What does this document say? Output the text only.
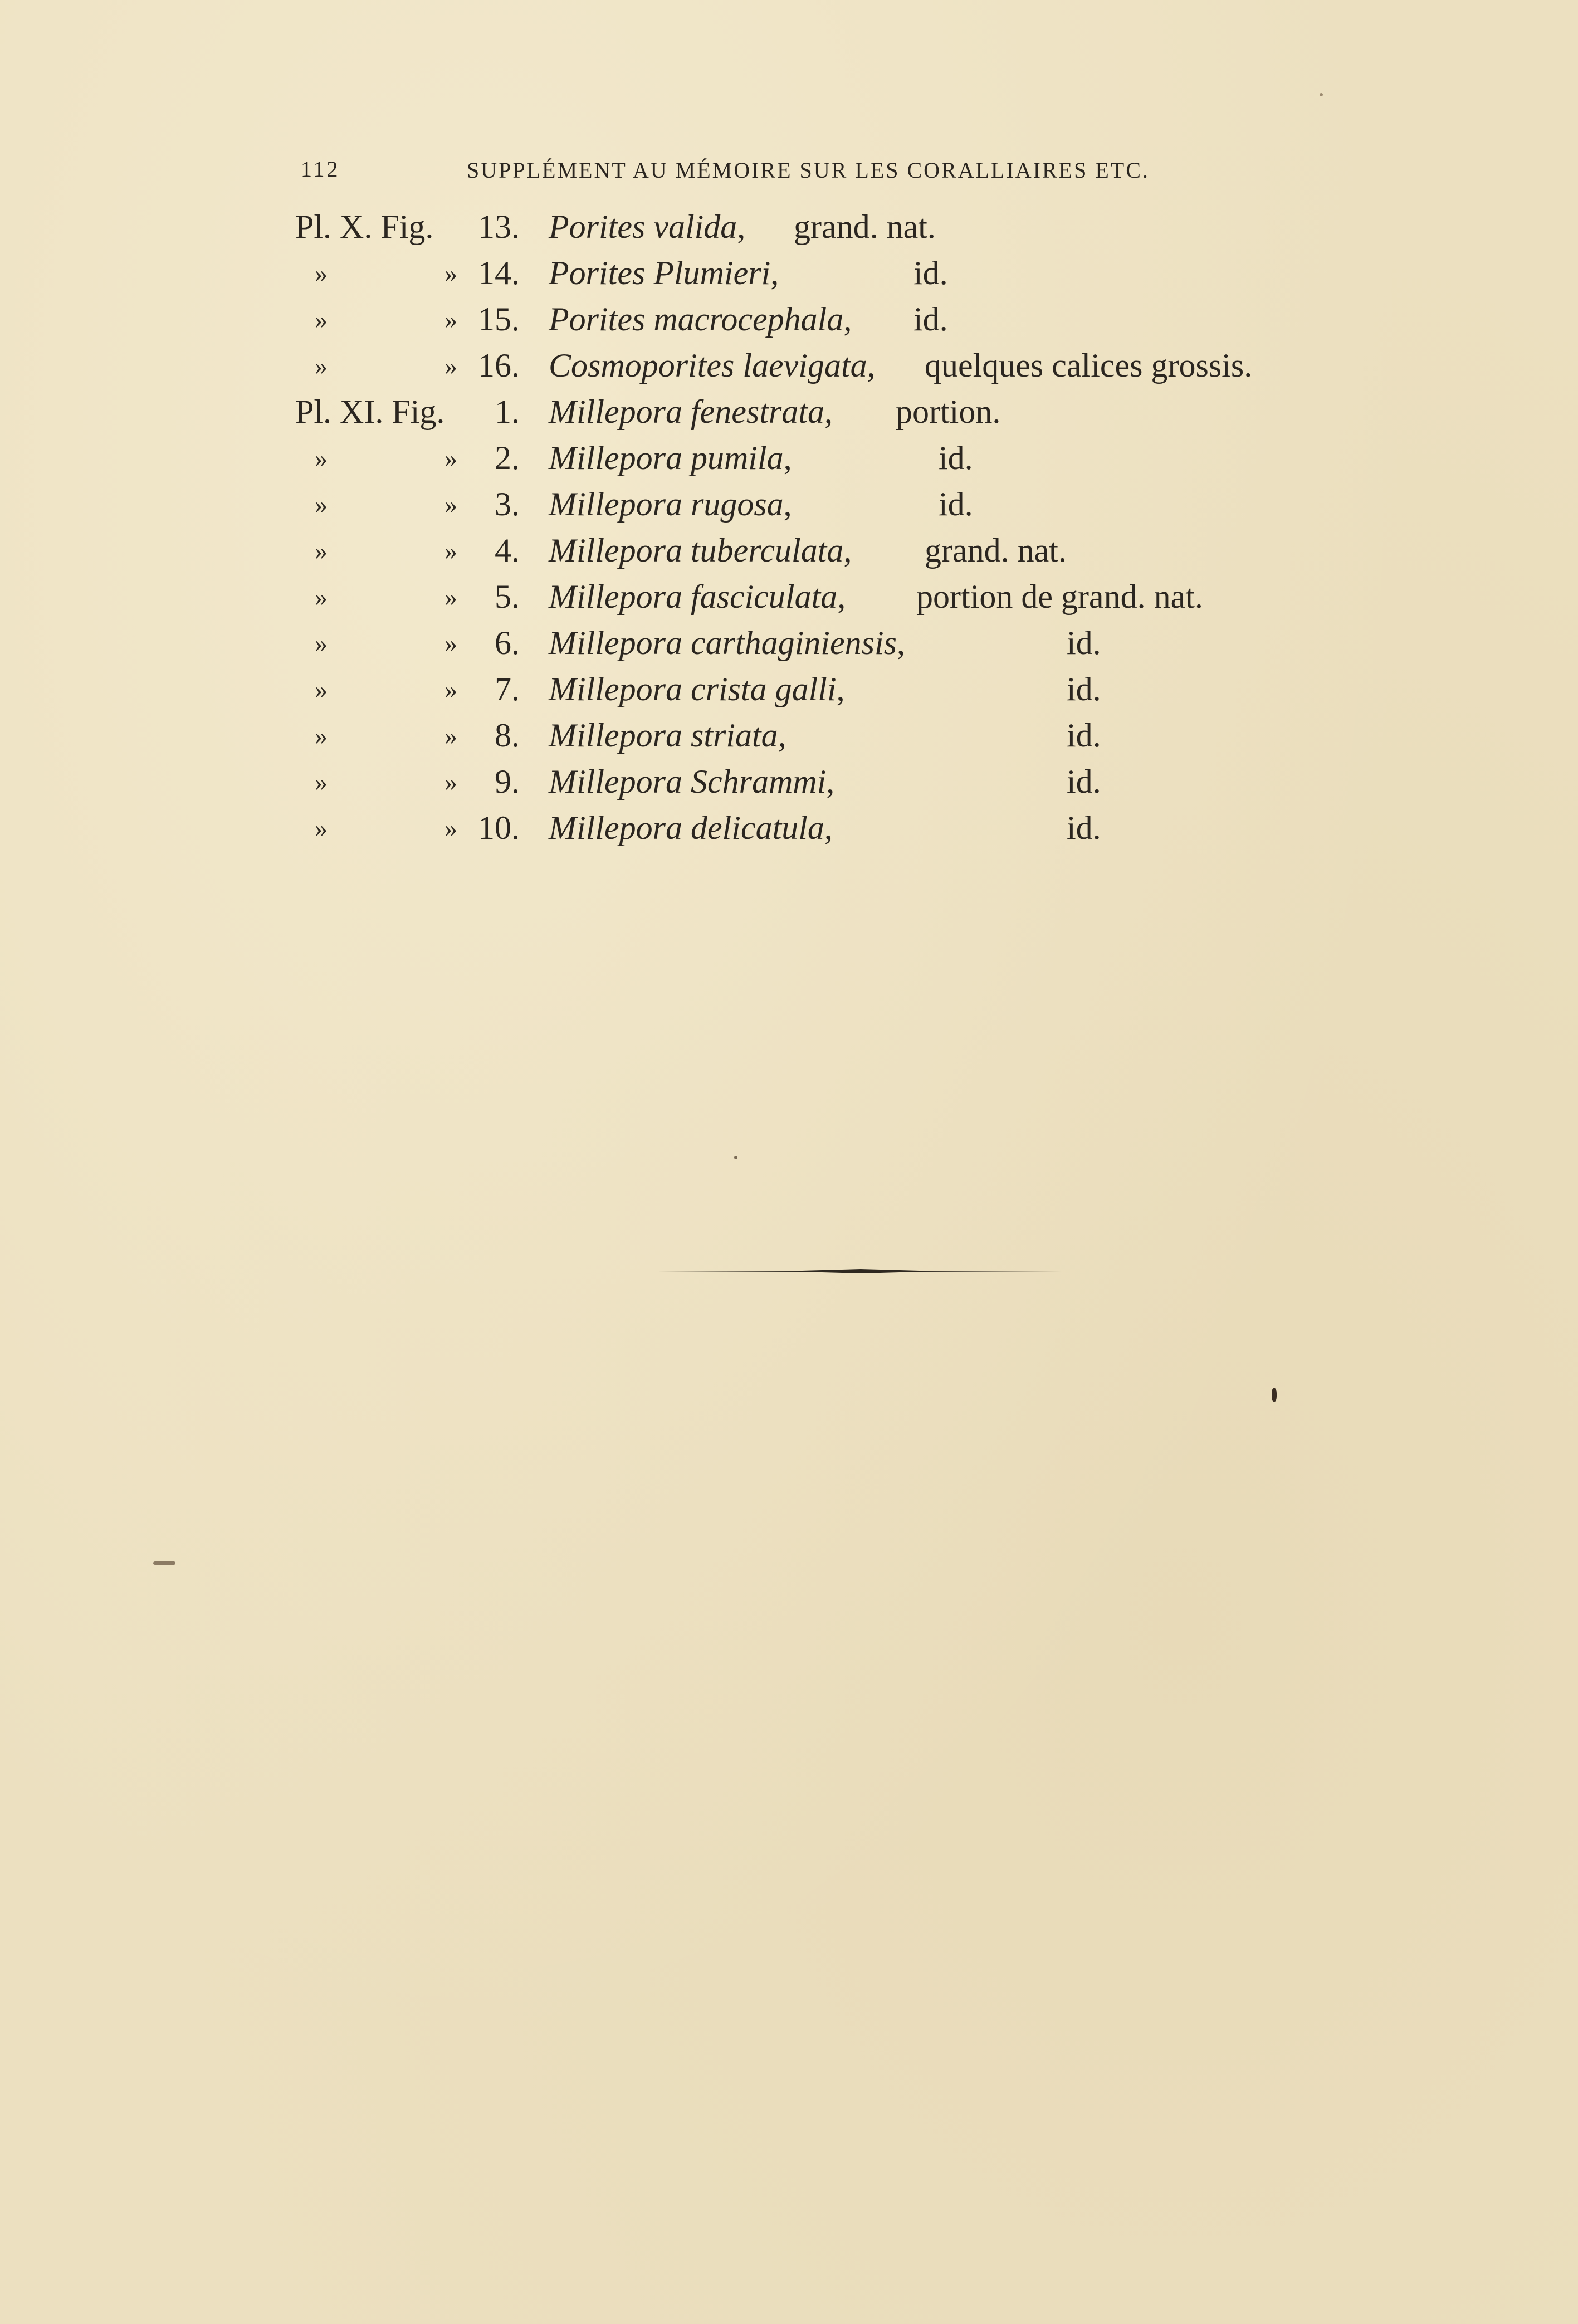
112	SUPPLÉMENT AU MÉMOIRE SUR LES CORALLIAIRES ETC.
Pl. X. Fig. 13. Porites valida, grand. nat.
»	» 14. Porites Plumieri,	id.
»	» 15. Porites macrocephala, id.
»	» 16. Cosmoporites laevigata, quelques calices grossis.
Pl. XI. Fig. 1. Millepora fenestrata, portion.
»	» 2. Millepora pumila,	id.
»	» 3. Millepora rugosa,	id.
»	» 4. Millepora tuberculata, grand. nat.
»	» 5. Millepora fasciculata, portion de grand. nat.
»	» 6. Millepora carthaginiensis,	id.
»	» 7. Millepora crista galli,	id.
»	» 8. Millepora striata,	id.
»	» 9. Millepora Schrammi,	id.
»	» 10. Millepora delicatula,	id.
